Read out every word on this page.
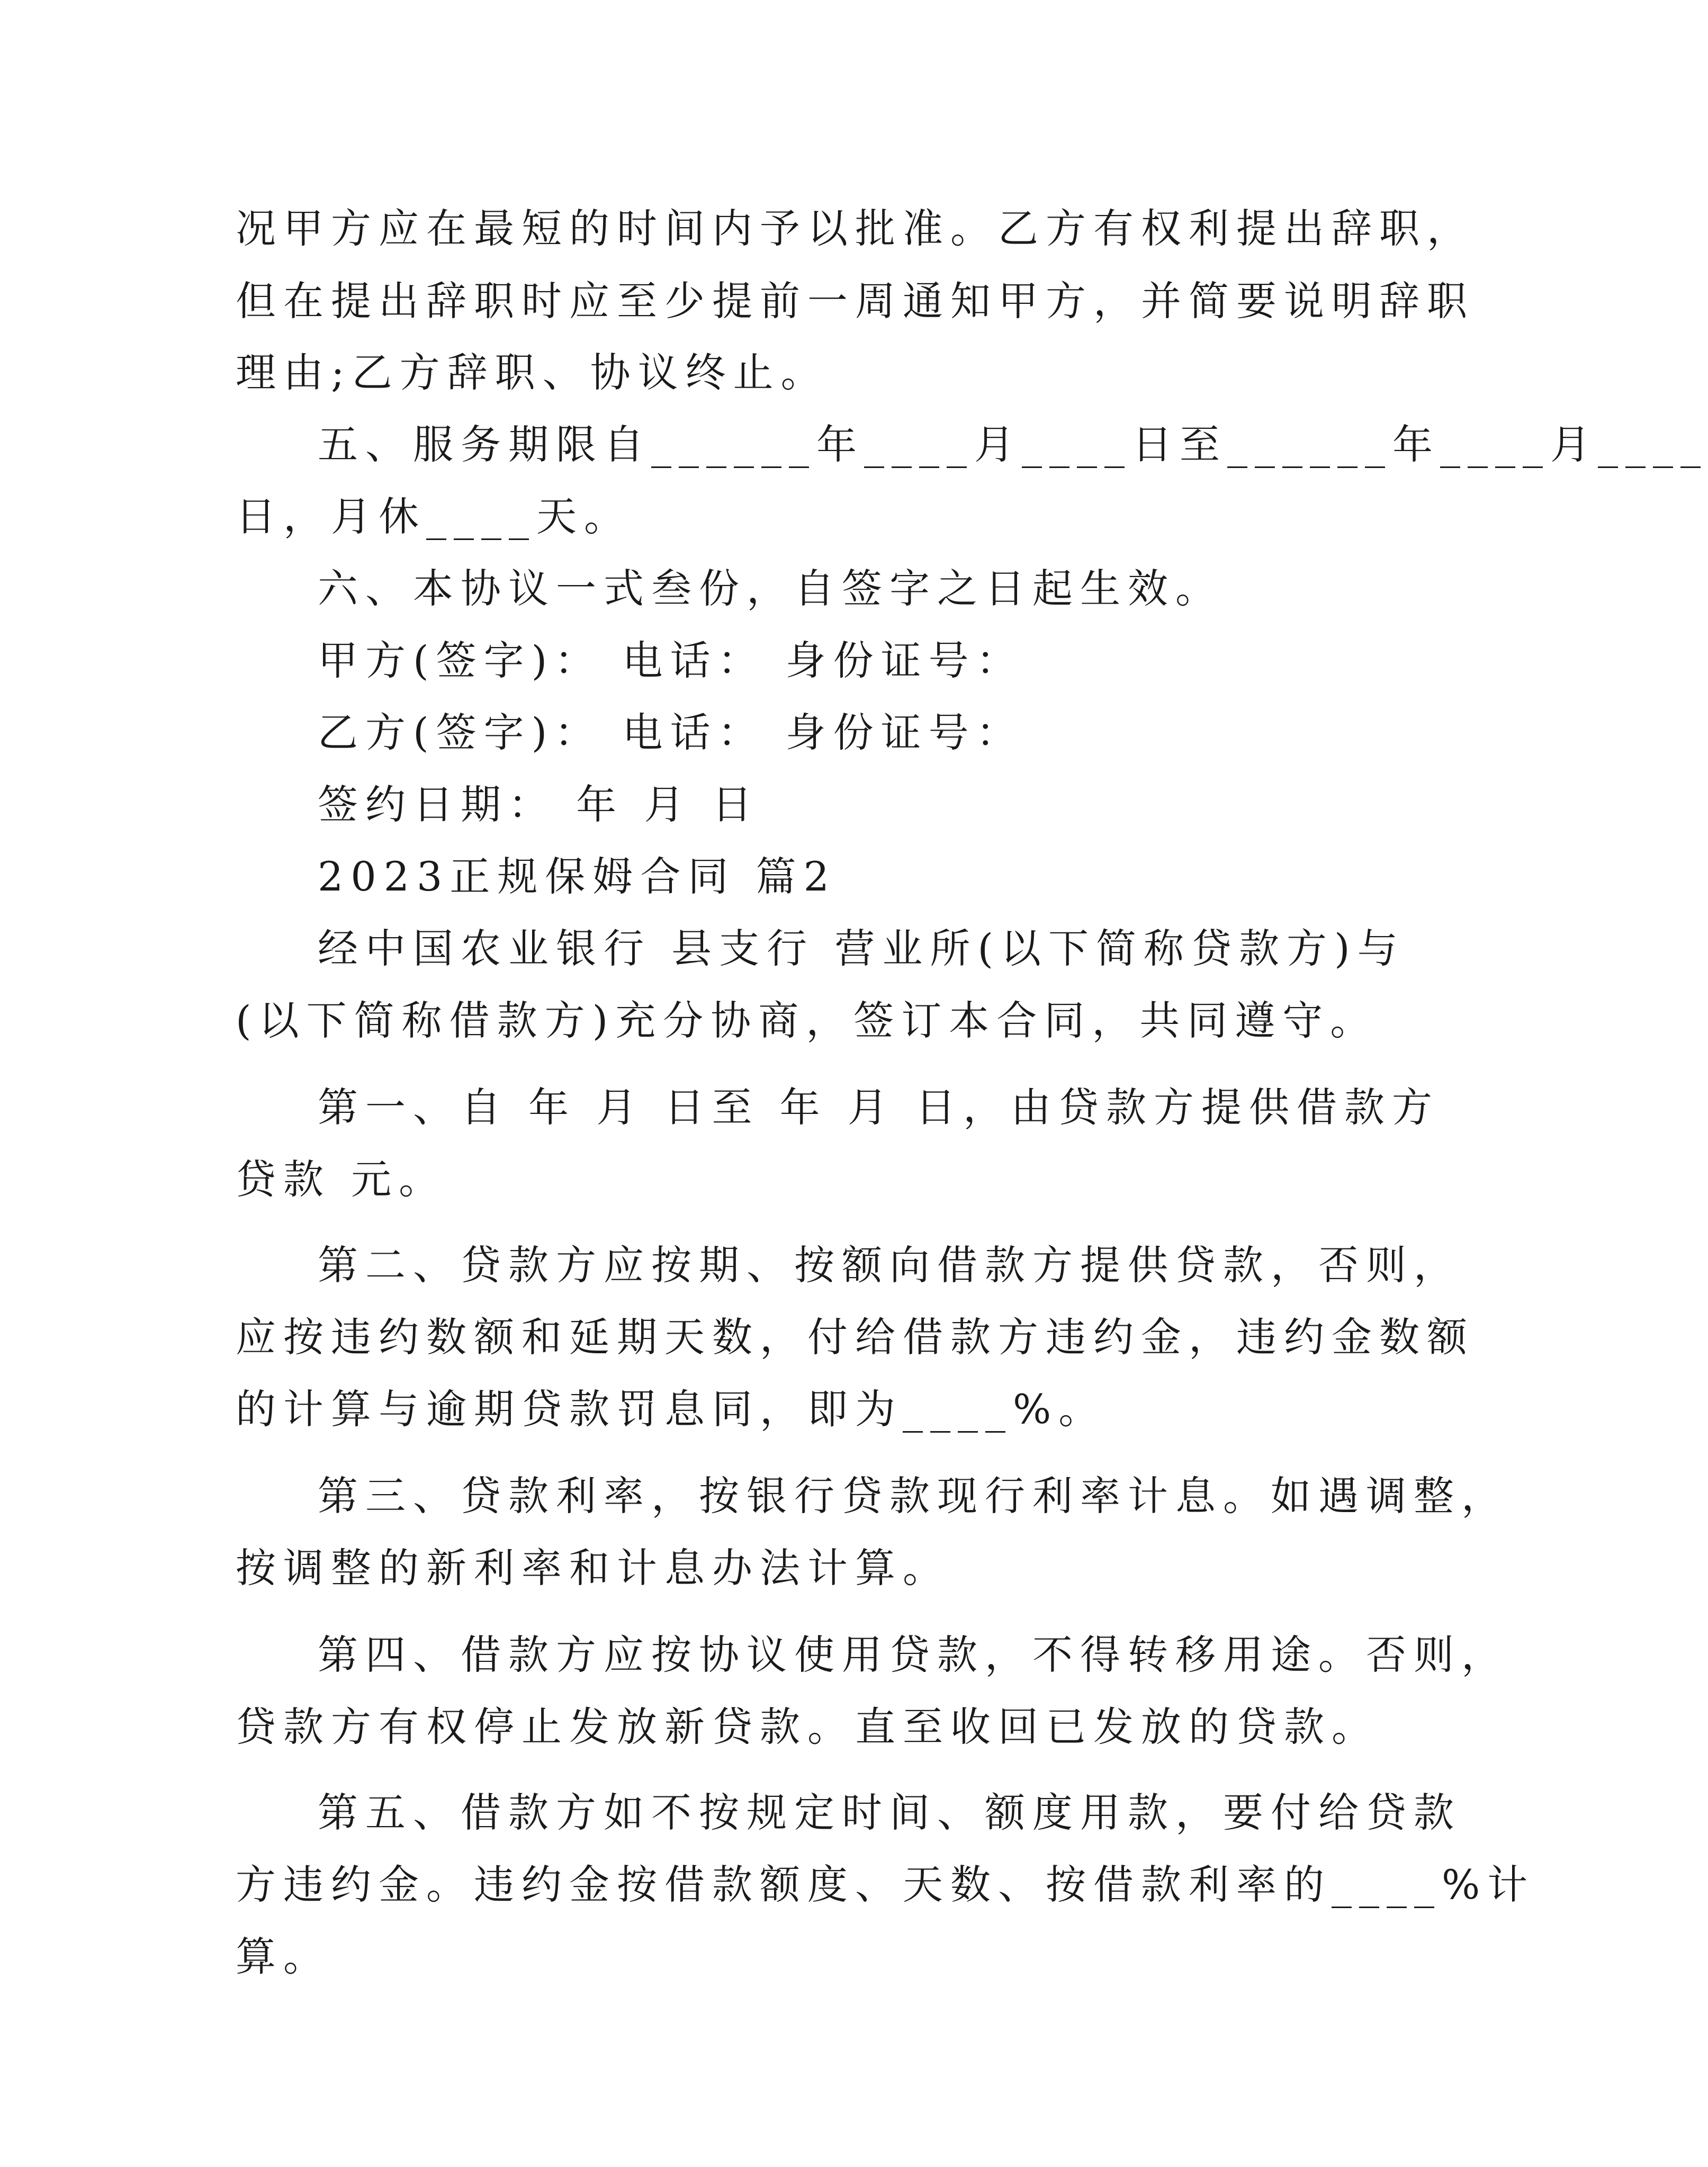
况甲方应在最短的时间内予以批准。乙方有权利提出辞职，
但在提出辞职时应至少提前一周通知甲方，并简要说明辞职
理由;乙方辞职、协议终止。
五、服务期限自______年____月____日至______年____月____
日，月休____天。
六、本协议一式叁份，自签字之日起生效。
甲方(签字)： 电话： 身份证号：
乙方(签字)： 电话： 身份证号：
签约日期： 年 月 日
2023正规保姆合同 篇2
经中国农业银行 县支行 营业所(以下简称贷款方)与
(以下简称借款方)充分协商，签订本合同，共同遵守。
第一、自 年 月 日至 年 月 日，由贷款方提供借款方
贷款 元。
第二、贷款方应按期、按额向借款方提供贷款，否则，
应按违约数额和延期天数，付给借款方违约金，违约金数额
的计算与逾期贷款罚息同，即为____%。
第三、贷款利率，按银行贷款现行利率计息。如遇调整，
按调整的新利率和计息办法计算。
第四、借款方应按协议使用贷款，不得转移用途。否则，
贷款方有权停止发放新贷款。直至收回已发放的贷款。
第五、借款方如不按规定时间、额度用款，要付给贷款
方违约金。违约金按借款额度、天数、按借款利率的____%计
算。
